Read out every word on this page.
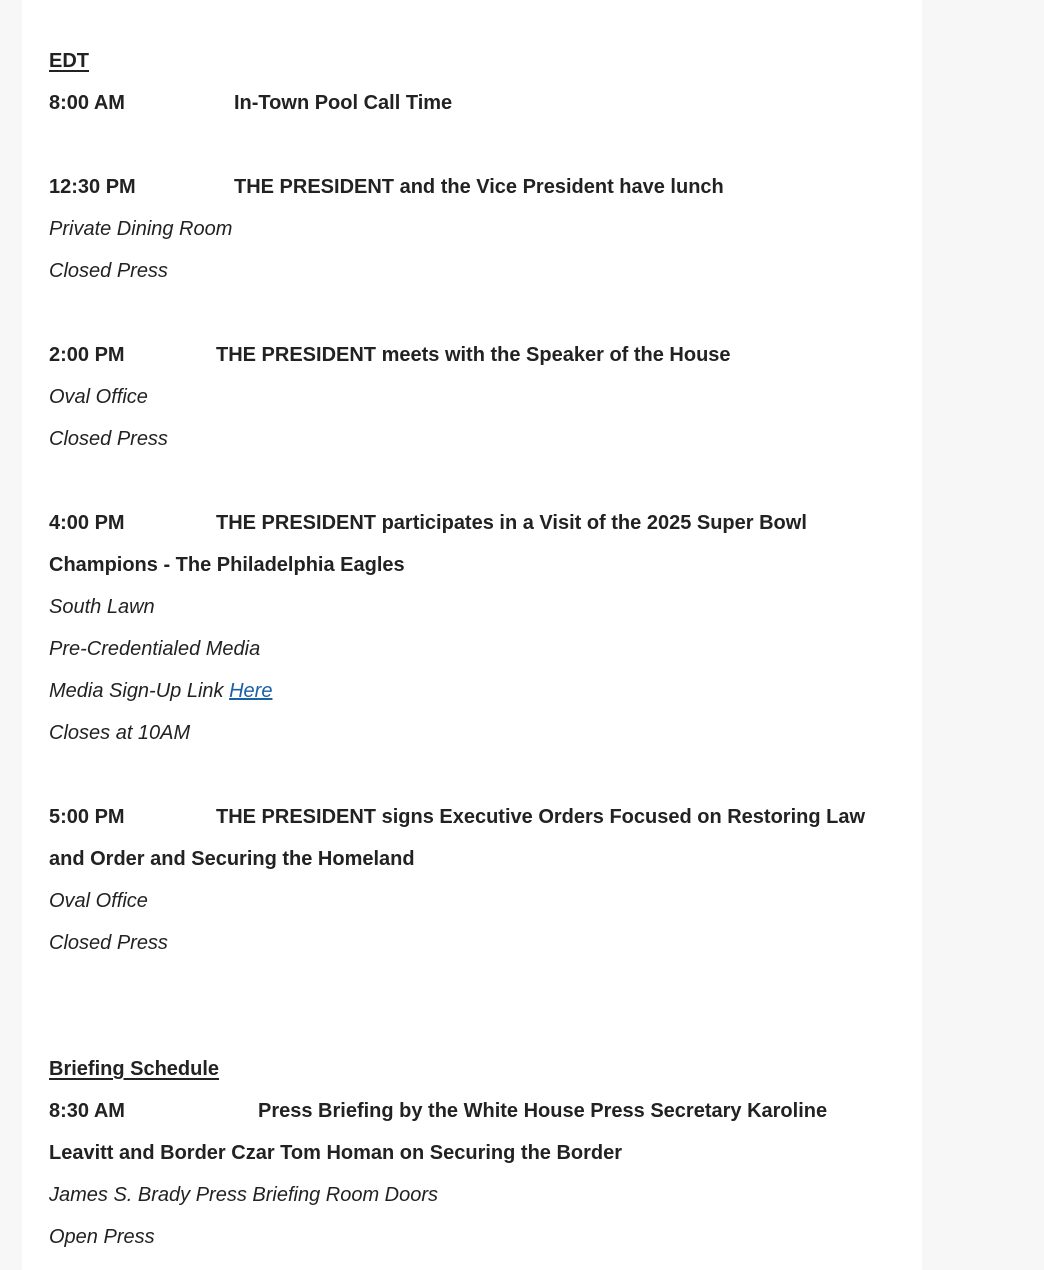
EDT

8:00 AM	In-Town Pool Call Time

12:30 PM	THE PRESIDENT and the Vice President have lunch

Private Dining Room

Closed Press

2:00 PM	THE PRESIDENT meets with the Speaker of the House

Oval Office

Closed Press

4:00 PM	THE PRESIDENT participates in a Visit of the 2025 Super Bowl

Champions - The Philadelphia Eagles

South Lawn

Pre-Credentialed Media

Media Sign-Up Link Here

Closes at 10AM

5:00 PM	THE PRESIDENT signs Executive Orders Focused on Restoring Law

and Order and Securing the Homeland

Oval Office

Closed Press

Briefing Schedule

8:30 AM	Press Briefing by the White House Press Secretary Karoline

Leavitt and Border Czar Tom Homan on Securing the Border

James S. Brady Press Briefing Room Doors

Open Press
